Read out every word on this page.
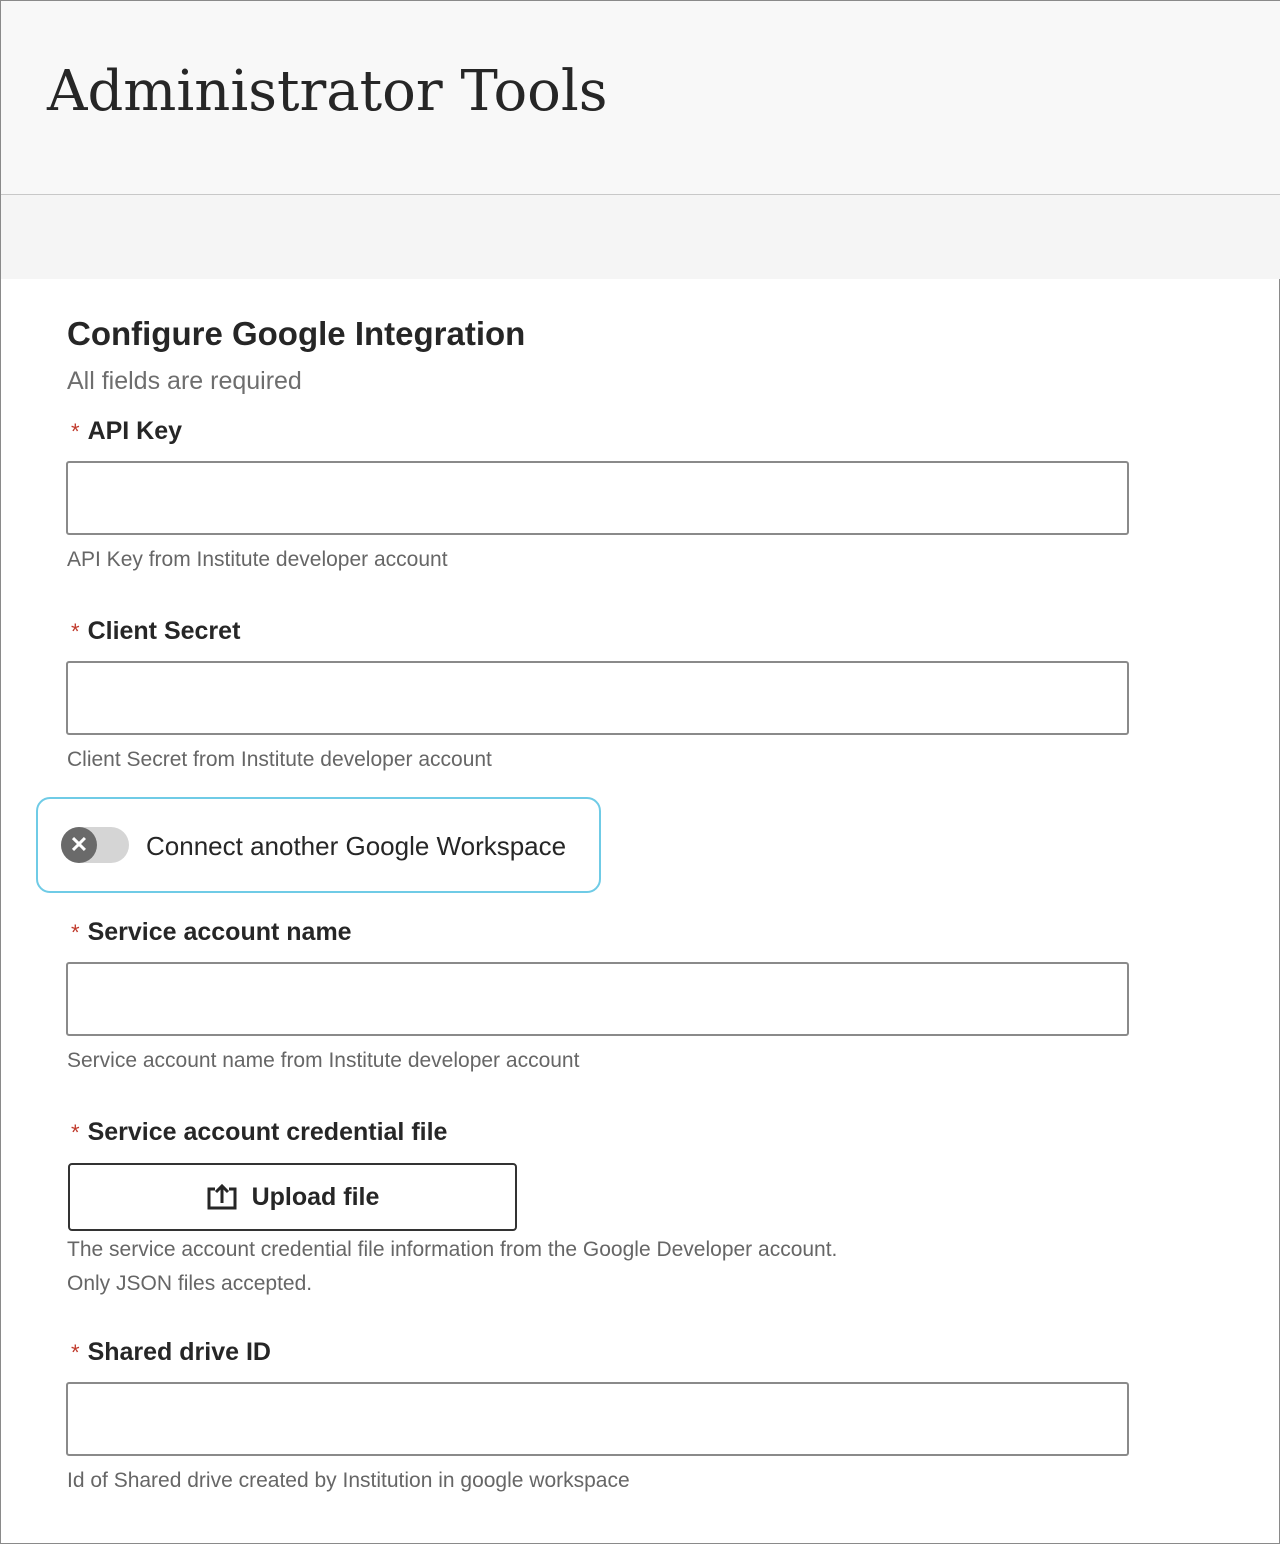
Administrator Tools
Configure Google Integration
All fields are required
* API Key
API Key from Institute developer account
* Client Secret
Client Secret from Institute developer account
✕	Connect another Google Workspace
* Service account name
Service account name from Institute developer account
* Service account credential file
Upload file
The service account credential file information from the Google Developer account.
Only JSON files accepted.
* Shared drive ID
Id of Shared drive created by Institution in google workspace
